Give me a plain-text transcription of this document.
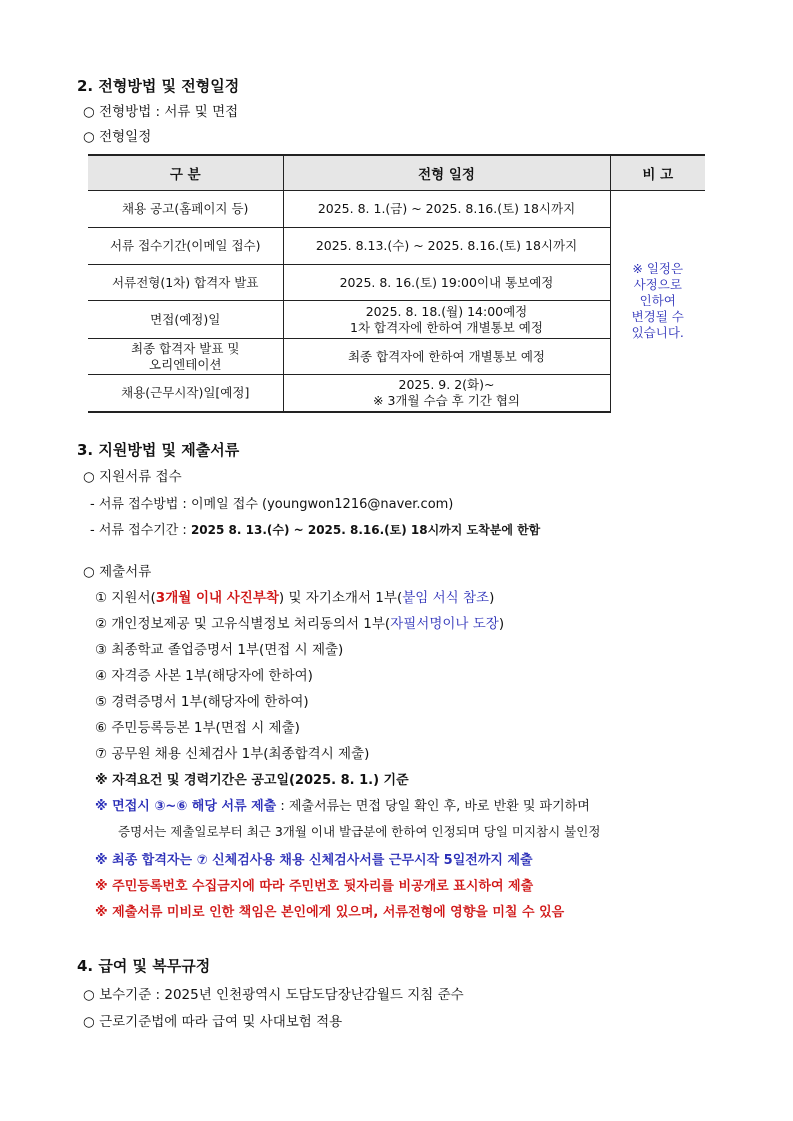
2. 전형방법 및 전형일정
○ 전형방법 : 서류 및 면접
○ 전형일정
구 분	전형 일정	비 고
채용 공고(홈페이지 등)	2025. 8. 1.(금) ~ 2025. 8.16.(토) 18시까지	※ 일정은
사정으로
인하여
변경될 수
있습니다.

서류 접수기간(이메일 접수)	2025. 8.13.(수) ~ 2025. 8.16.(토) 18시까지	
서류전형(1차) 합격자 발표	2025. 8. 16.(토) 19:00이내 통보예정	
면접(예정)일	2025. 8. 18.(월) 14:00예정
1차 합격자에 한하여 개별통보 예정	

최종 합격자 발표 및
오리엔테이션	최종 합격자에 한하여 개별통보 예정	
채용(근무시작)일[예정]	2025. 9. 2(화)~
※ 3개월 수습 후 기간 협의	
3. 지원방법 및 제출서류
○ 지원서류 접수
- 서류 접수방법 : 이메일 접수 (youngwon1216@naver.com)
- 서류 접수기간 : 2025 8. 13.(수) ~ 2025. 8.16.(토) 18시까지 도착분에 한함
○ 제출서류
① 지원서(3개월 이내 사진부착) 및 자기소개서 1부(붙임 서식 참조)
② 개인정보제공 및 고유식별정보 처리동의서 1부(자필서명이나 도장)
③ 최종학교 졸업증명서 1부(면접 시 제출)
④ 자격증 사본 1부(해당자에 한하여)
⑤ 경력증명서 1부(해당자에 한하여)
⑥ 주민등록등본 1부(면접 시 제출)
⑦ 공무원 채용 신체검사 1부(최종합격시 제출)
※ 자격요건 및 경력기간은 공고일(2025. 8. 1.) 기준
※ 면접시 ③~⑥ 해당 서류 제출 : 제출서류는 면접 당일 확인 후, 바로 반환 및 파기하며
증명서는 제출일로부터 최근 3개월 이내 발급분에 한하여 인정되며 당일 미지참시 불인정
※ 최종 합격자는 ⑦ 신체검사용 채용 신체검사서를 근무시작 5일전까지 제출
※ 주민등록번호 수집금지에 따라 주민번호 뒷자리를 비공개로 표시하여 제출
※ 제출서류 미비로 인한 책임은 본인에게 있으며, 서류전형에 영향을 미칠 수 있음
4. 급여 및 복무규정
○ 보수기준 : 2025년 인천광역시 도담도담장난감월드 지침 준수
○ 근로기준법에 따라 급여 및 사대보험 적용
